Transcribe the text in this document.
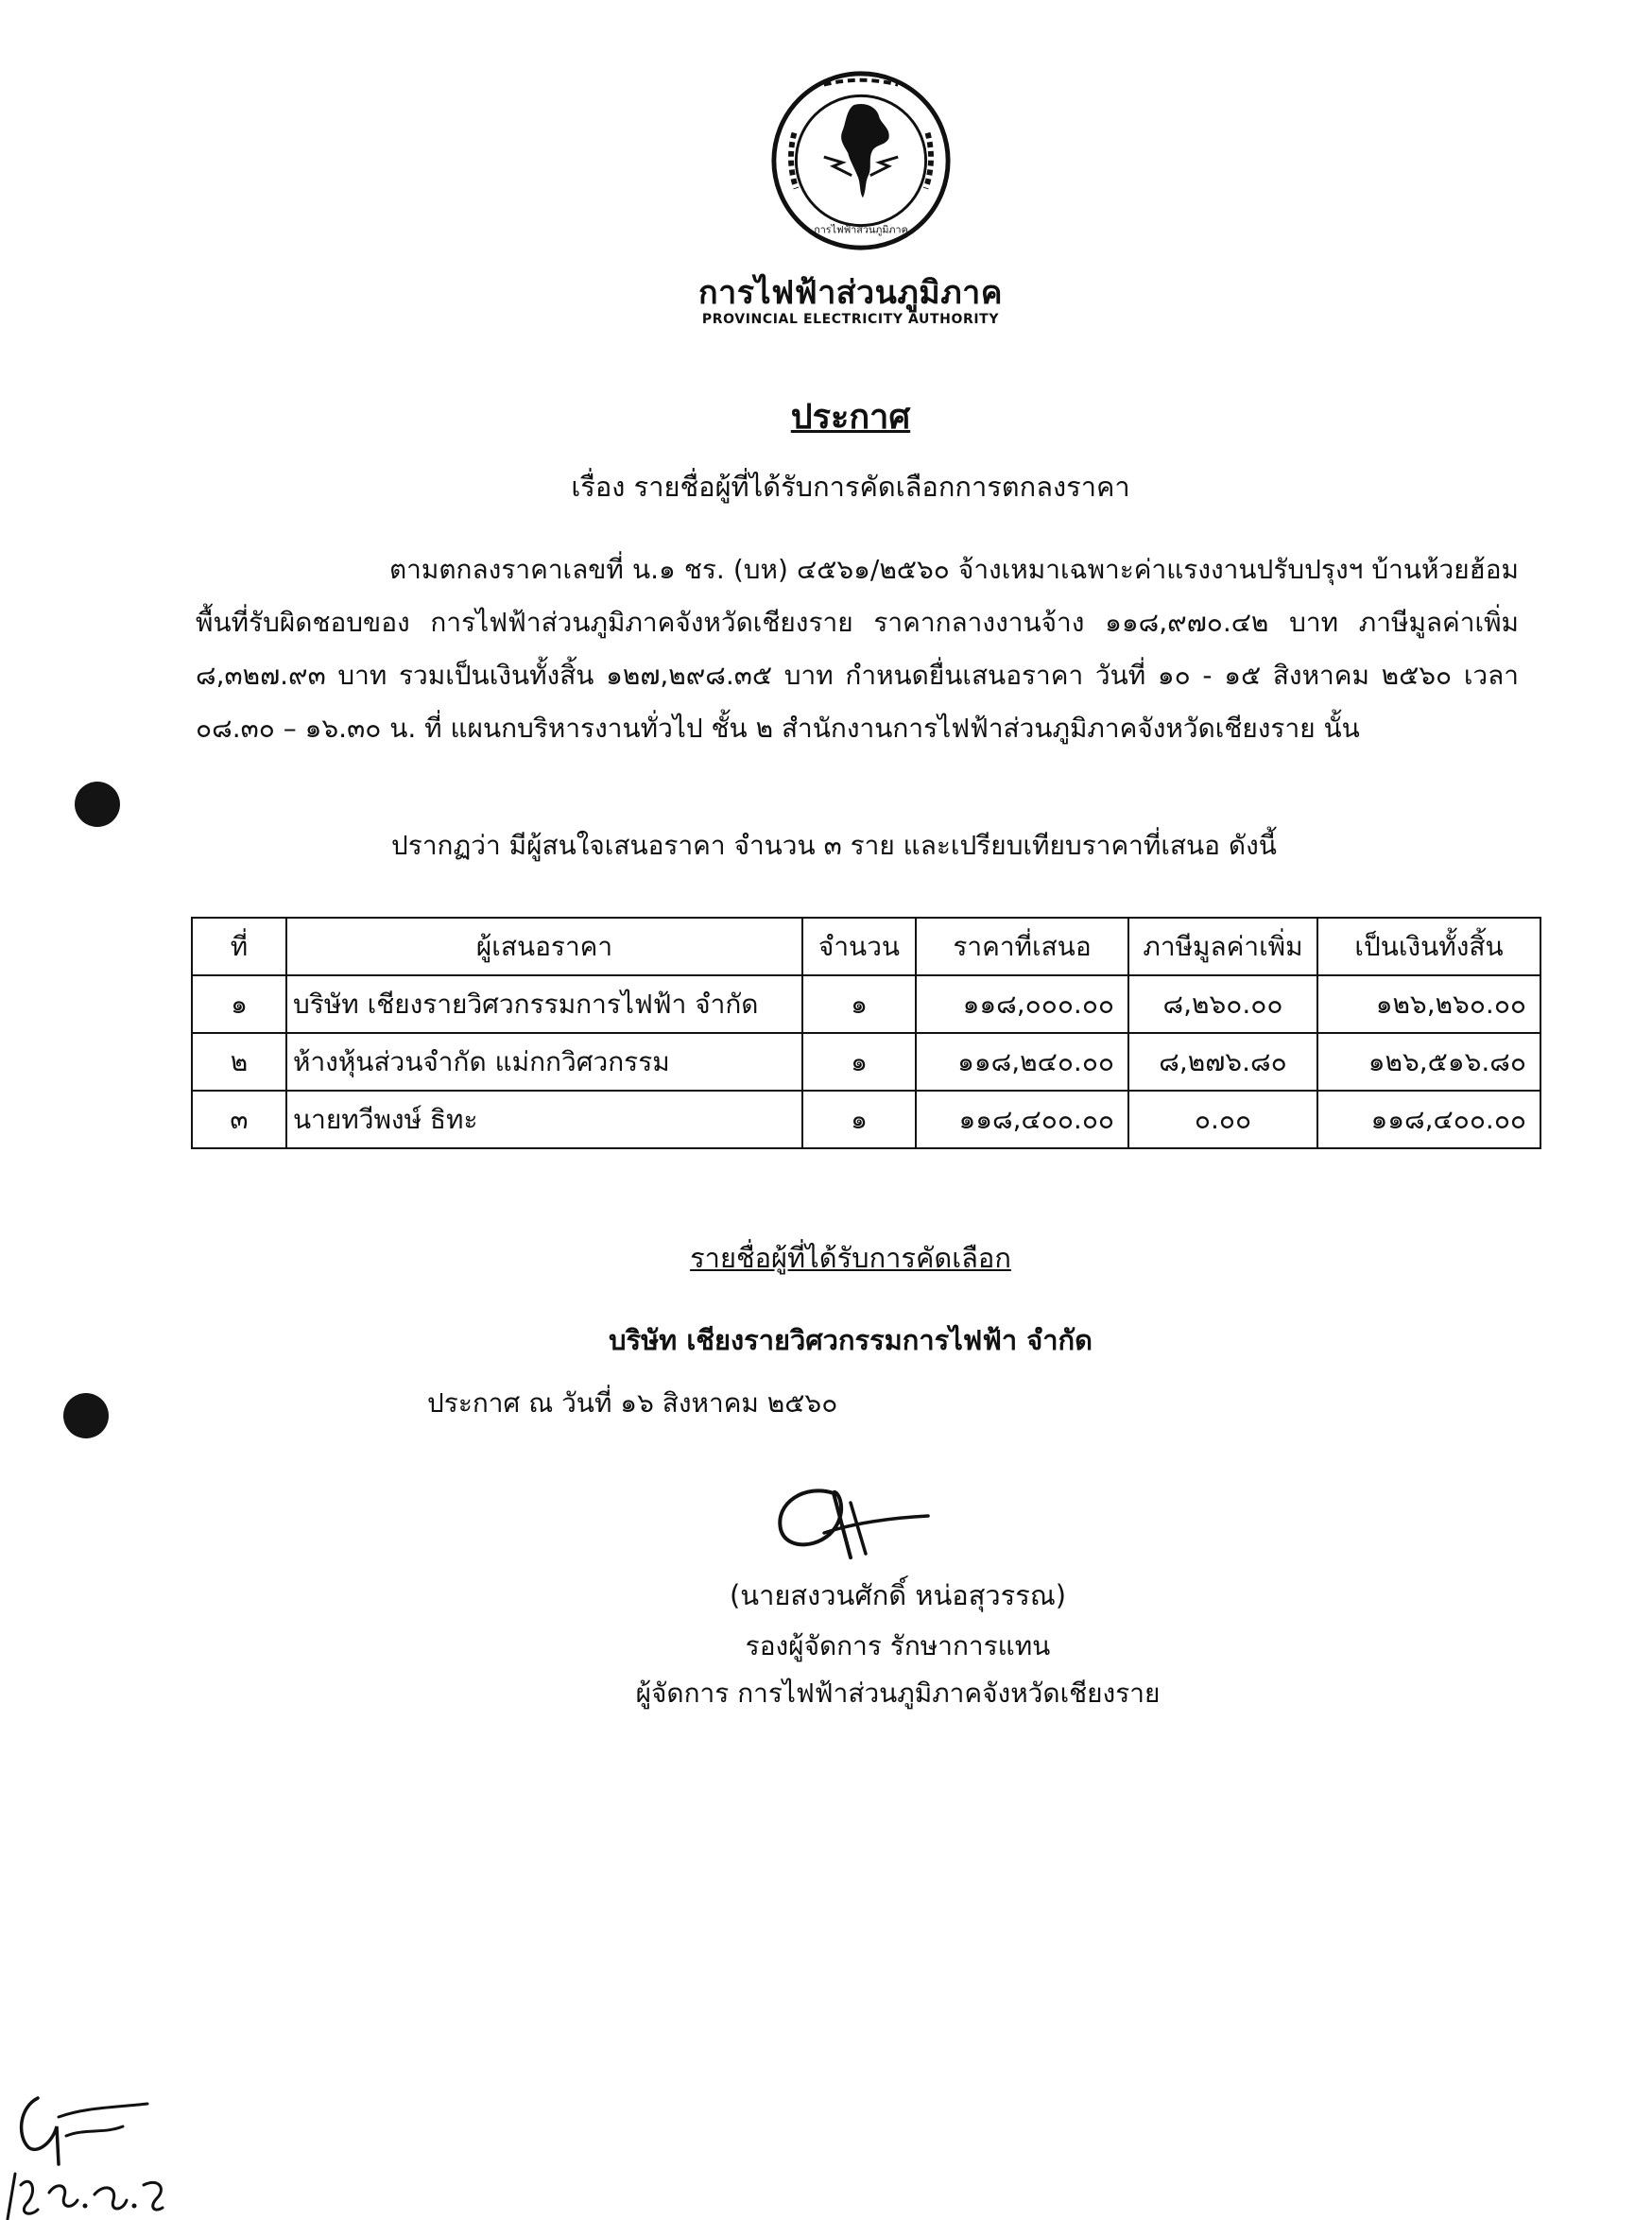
การไฟฟ้าส่วนภูมิภาค
การไฟฟ้าส่วนภูมิภาค
PROVINCIAL ELECTRICITY AUTHORITY
ประกาศ
เรื่อง รายชื่อผู้ที่ได้รับการคัดเลือกการตกลงราคา
ตามตกลงราคาเลขที่ น.๑ ชร. (บห) ๔๕๖๑/๒๕๖๐ จ้างเหมาเฉพาะค่าแรงงานปรับปรุงฯ บ้านห้วยฮ้อม พื้นที่รับผิดชอบของ การไฟฟ้าส่วนภูมิภาคจังหวัดเชียงราย ราคากลางงานจ้าง ๑๑๘,๙๗๐.๔๒ บาท ภาษีมูลค่าเพิ่ม ๘,๓๒๗.๙๓ บาท รวมเป็นเงินทั้งสิ้น ๑๒๗,๒๙๘.๓๕ บาท กำหนดยื่นเสนอราคา วันที่ ๑๐ - ๑๕ สิงหาคม ๒๕๖๐ เวลา ๐๘.๓๐ – ๑๖.๓๐ น. ที่ แผนกบริหารงานทั่วไป ชั้น ๒ สำนักงานการไฟฟ้าส่วนภูมิภาคจังหวัดเชียงราย นั้น
ปรากฏว่า มีผู้สนใจเสนอราคา จำนวน ๓ ราย และเปรียบเทียบราคาที่เสนอ ดังนี้
ที่	ผู้เสนอราคา	จำนวน	ราคาที่เสนอ	ภาษีมูลค่าเพิ่ม	เป็นเงินทั้งสิ้น
๑	บริษัท เชียงรายวิศวกรรมการไฟฟ้า จำกัด	๑	๑๑๘,๐๐๐.๐๐	๘,๒๖๐.๐๐	๑๒๖,๒๖๐.๐๐
๒	ห้างหุ้นส่วนจำกัด แม่กกวิศวกรรม	๑	๑๑๘,๒๔๐.๐๐	๘,๒๗๖.๘๐	๑๒๖,๕๑๖.๘๐
๓	นายทวีพงษ์ ธิทะ	๑	๑๑๘,๔๐๐.๐๐	๐.๐๐	๑๑๘,๔๐๐.๐๐
รายชื่อผู้ที่ได้รับการคัดเลือก
บริษัท เชียงรายวิศวกรรมการไฟฟ้า จำกัด
ประกาศ ณ วันที่ ๑๖ สิงหาคม ๒๕๖๐
(นายสงวนศักดิ์ หน่อสุวรรณ)
รองผู้จัดการ รักษาการแทน
ผู้จัดการ การไฟฟ้าส่วนภูมิภาคจังหวัดเชียงราย
